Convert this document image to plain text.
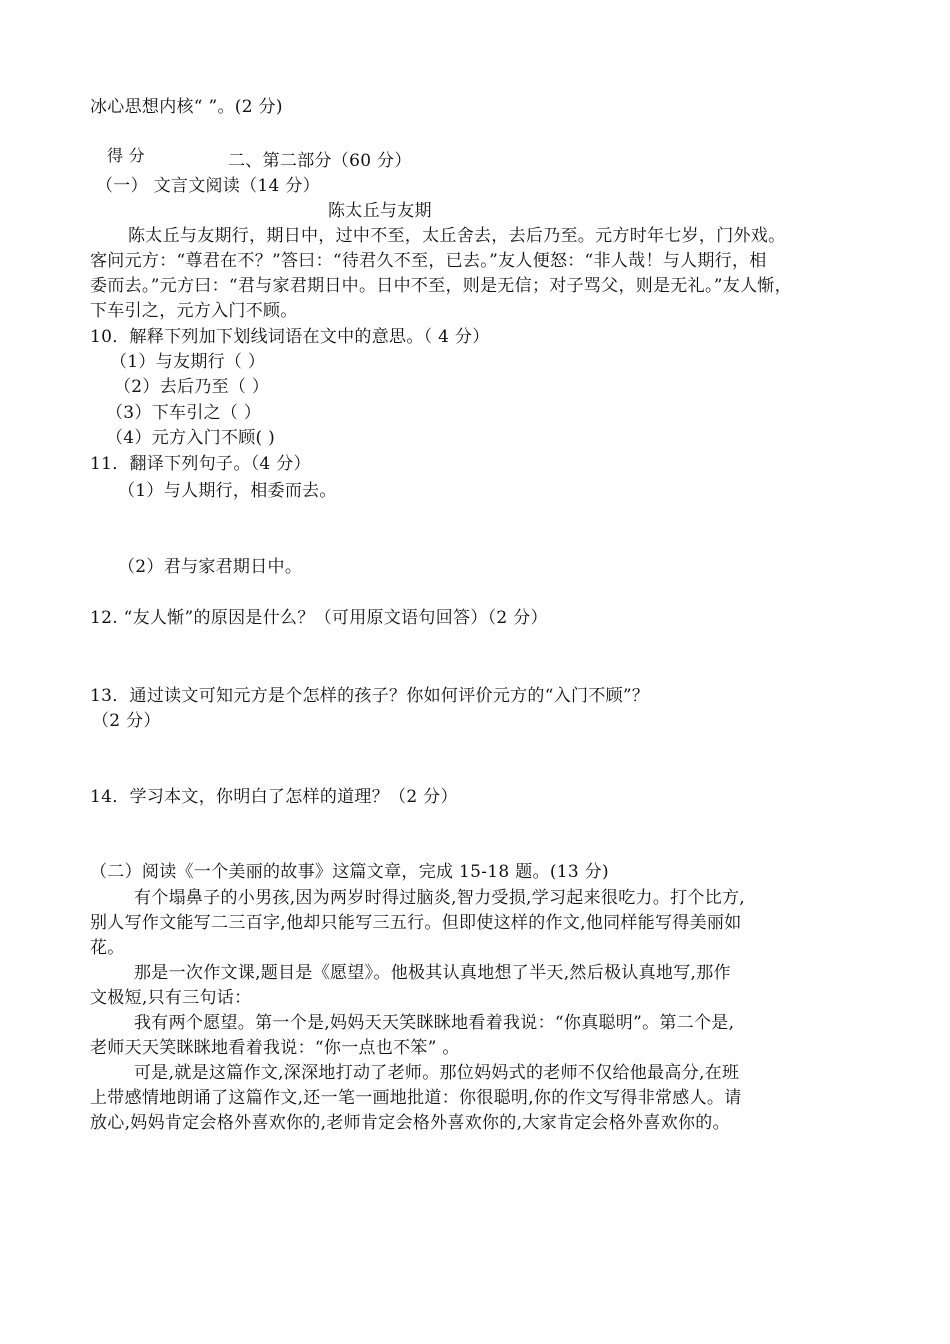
冰心思想内核“ ”。(2 分)
得 分	二、第二部分（60 分）
（一） 文言文阅读（14 分）
陈太丘与友期
陈太丘与友期行，期日中，过中不至，太丘舍去，去后乃至。元方时年七岁，门外戏。
客问元方：“尊君在不？”答曰：“待君久不至，已去。”友人便怒：“非人哉！与人期行，相
委而去。”元方曰：“君与家君期日中。日中不至，则是无信；对子骂父，则是无礼。”友人惭，
下车引之，元方入门不顾。
10．解释下列加下划线词语在文中的意思。（ 4 分）
（1）与友期行（ ）
（2）去后乃至（ ）
（3）下车引之（ ）
（4）元方入门不顾( )
11．翻译下列句子。（4 分）
（1）与人期行，相委而去。
（2）君与家君期日中。
12. “友人惭”的原因是什么？（可用原文语句回答）（2 分）
13．通过读文可知元方是个怎样的孩子？你如何评价元方的“入门不顾”？
（2 分）
14．学习本文，你明白了怎样的道理？（2 分）
（二）阅读《一个美丽的故事》这篇文章，完成 15-18 题。(13 分)
有个塌鼻子的小男孩,因为两岁时得过脑炎,智力受损,学习起来很吃力。打个比方,
别人写作文能写二三百字,他却只能写三五行。但即使这样的作文,他同样能写得美丽如
花。
那是一次作文课,题目是《愿望》。他极其认真地想了半天,然后极认真地写,那作
文极短,只有三句话：
我有两个愿望。第一个是,妈妈天天笑眯眯地看着我说：“你真聪明”。第二个是,
老师天天笑眯眯地看着我说：“你一点也不笨” 。
可是,就是这篇作文,深深地打动了老师。那位妈妈式的老师不仅给他最高分,在班
上带感情地朗诵了这篇作文,还一笔一画地批道：你很聪明,你的作文写得非常感人。请
放心,妈妈肯定会格外喜欢你的,老师肯定会格外喜欢你的,大家肯定会格外喜欢你的。
